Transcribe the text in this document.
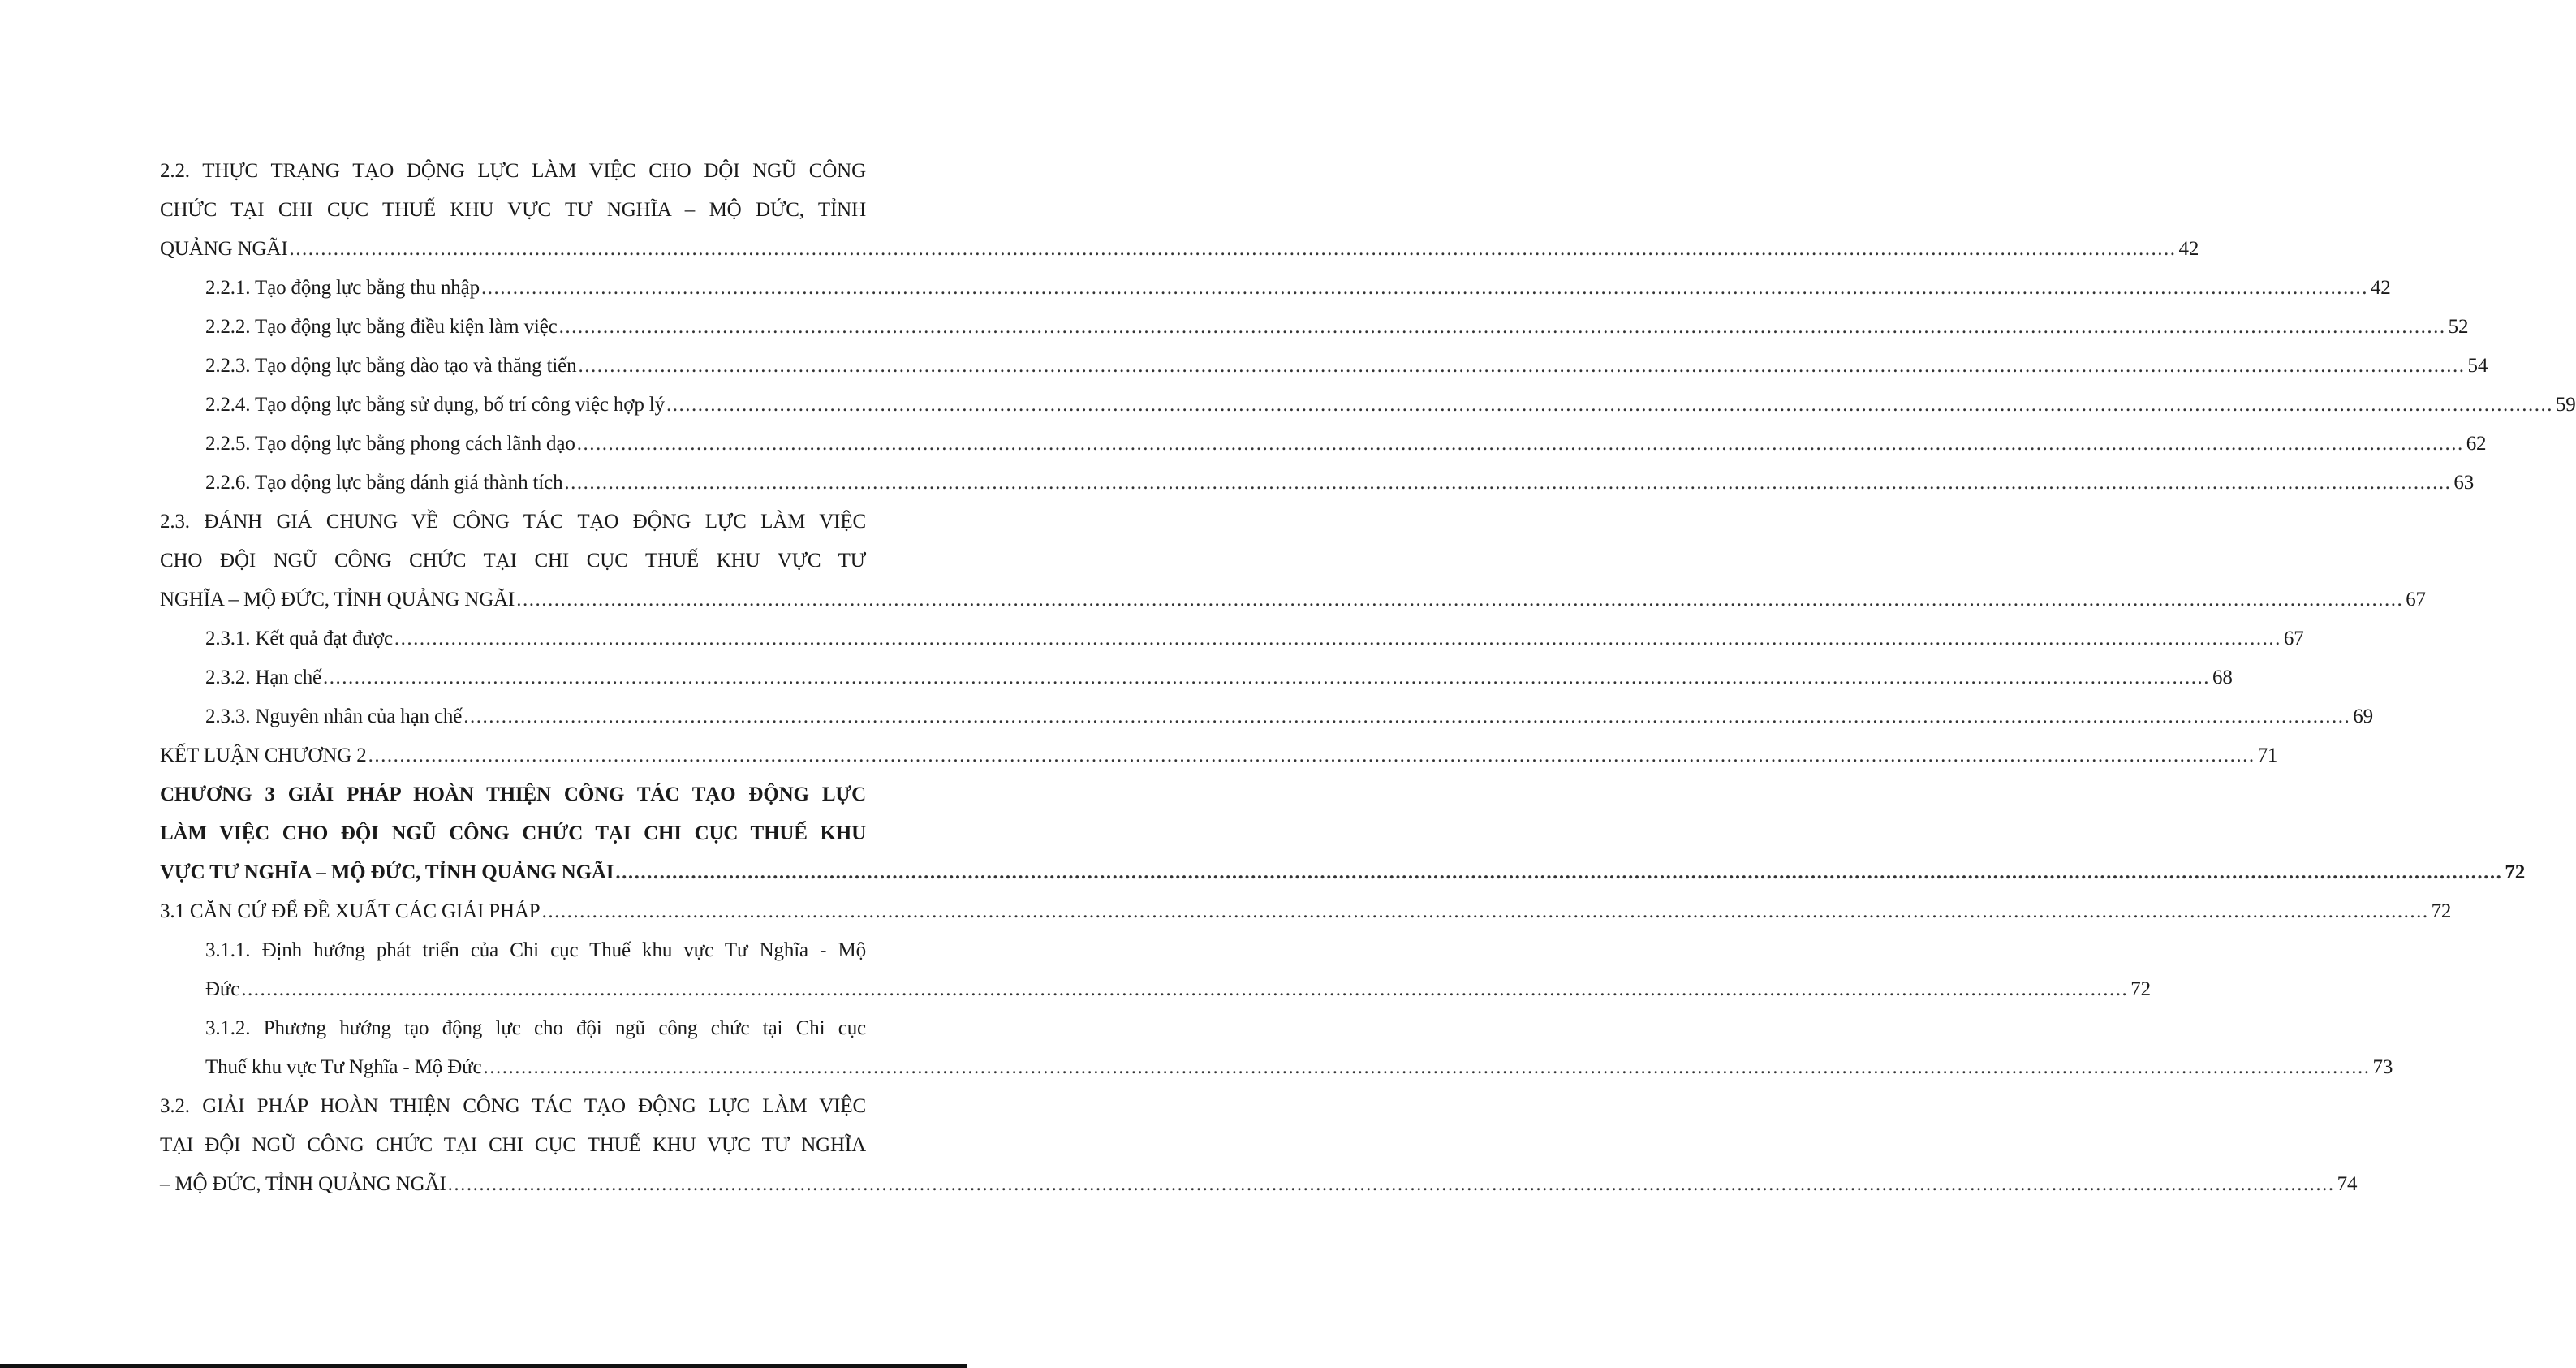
2.2. THỰC TRẠNG TẠO ĐỘNG LỰC LÀM VIỆC CHO ĐỘI NGŨ CÔNG
CHỨC TẠI CHI CỤC THUẾ KHU VỰC TƯ NGHĨA – MỘ ĐỨC, TỈNH
QUẢNG NGÃI ............................................................................................................................................................................................................................................................................................................ 42
2.2.1. Tạo động lực bằng thu nhập ............................................................................................................................................................................................................................................................................................................ 42
2.2.2. Tạo động lực bằng điều kiện làm việc ............................................................................................................................................................................................................................................................................................................ 52
2.2.3. Tạo động lực bằng đào tạo và thăng tiến ............................................................................................................................................................................................................................................................................................................ 54
2.2.4. Tạo động lực bằng sử dụng, bố trí công việc hợp lý ............................................................................................................................................................................................................................................................................................................ 59
2.2.5. Tạo động lực bằng phong cách lãnh đạo ............................................................................................................................................................................................................................................................................................................ 62
2.2.6. Tạo động lực bằng đánh giá thành tích ............................................................................................................................................................................................................................................................................................................ 63
2.3. ĐÁNH GIÁ CHUNG VỀ CÔNG TÁC TẠO ĐỘNG LỰC LÀM VIỆC
CHO ĐỘI NGŨ CÔNG CHỨC TẠI CHI CỤC THUẾ KHU VỰC TƯ
NGHĨA – MỘ ĐỨC, TỈNH QUẢNG NGÃI ............................................................................................................................................................................................................................................................................................................ 67
2.3.1. Kết quả đạt được ............................................................................................................................................................................................................................................................................................................ 67
2.3.2. Hạn chế ............................................................................................................................................................................................................................................................................................................ 68
2.3.3. Nguyên nhân của hạn chế ............................................................................................................................................................................................................................................................................................................ 69
KẾT LUẬN CHƯƠNG 2 ............................................................................................................................................................................................................................................................................................................ 71
CHƯƠNG 3 GIẢI PHÁP HOÀN THIỆN CÔNG TÁC TẠO ĐỘNG LỰC
LÀM VIỆC CHO ĐỘI NGŨ CÔNG CHỨC TẠI CHI CỤC THUẾ KHU
VỰC TƯ NGHĨA – MỘ ĐỨC, TỈNH QUẢNG NGÃI ............................................................................................................................................................................................................................................................................................................ 72
3.1 CĂN CỨ ĐỂ ĐỀ XUẤT CÁC GIẢI PHÁP ............................................................................................................................................................................................................................................................................................................ 72
3.1.1. Định hướng phát triển của Chi cục Thuế khu vực Tư Nghĩa - Mộ
Đức ............................................................................................................................................................................................................................................................................................................ 72
3.1.2. Phương hướng tạo động lực cho đội ngũ công chức tại Chi cục
Thuế khu vực Tư Nghĩa - Mộ Đức ............................................................................................................................................................................................................................................................................................................ 73
3.2. GIẢI PHÁP HOÀN THIỆN CÔNG TÁC TẠO ĐỘNG LỰC LÀM VIỆC
TẠI ĐỘI NGŨ CÔNG CHỨC TẠI CHI CỤC THUẾ KHU VỰC TƯ NGHĨA
– MỘ ĐỨC, TỈNH QUẢNG NGÃI ............................................................................................................................................................................................................................................................................................................ 74
